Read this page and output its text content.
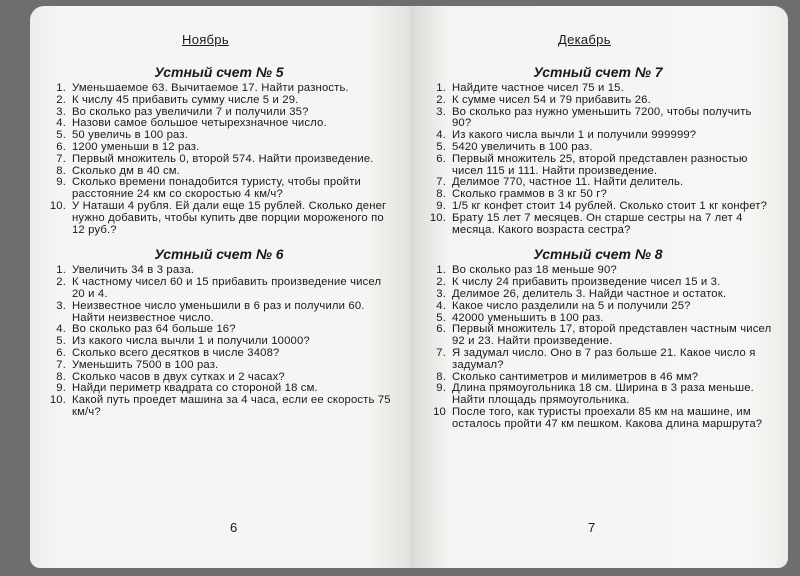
Ноябрь
Устный счет № 5
1. Уменьшаемое 63. Вычитаемое 17. Найти разность.
2. К числу 45 прибавить сумму числе 5 и 29.
3. Во сколько раз увеличили 7 и получили 35?
4. Назови самое большое четырехзначное число.
5. 50 увеличь в 100 раз.
6. 1200 уменьши в 12 раз.
7. Первый множитель 0, второй 574. Найти произведение.
8. Сколько дм в 40 см.
9. Сколько времени понадобится туристу, чтобы пройти расстояние 24 км со скоростью 4 км/ч?
10. У Наташи 4 рубля. Ей дали еще 15 рублей. Сколько денег нужно добавить, чтобы купить две порции мороженого по 12 руб.?
Устный счет № 6
1. Увеличить 34 в 3 раза.
2. К частному чисел 60 и 15 прибавить произведение чисел 20 и 4.
3. Неизвестное число уменьшили в 6 раз и получили 60. Найти неизвестное число.
4. Во сколько раз 64 больше 16?
5. Из какого числа вычли 1 и получили 10000?
6. Сколько всего десятков в числе 3408?
7. Уменьшить 7500 в 100 раз.
8. Сколько часов в двух сутках и 2 часах?
9. Найди периметр квадрата со стороной 18 см.
10. Какой путь проедет машина за 4 часа, если ее скорость 75 км/ч?
6
Декабрь
Устный счет № 7
1. Найдите частное чисел 75 и 15.
2. К сумме чисел 54 и 79 прибавить 26.
3. Во сколько раз нужно уменьшить 7200, чтобы получить 90?
4. Из какого числа вычли 1 и получили 999999?
5. 5420 увеличить в 100 раз.
6. Первый множитель 25, второй представлен разностью чисел 115 и 111. Найти произведение.
7. Делимое 770, частное 11. Найти делитель.
8. Сколько граммов в 3 кг 50 г?
9. 1/5 кг конфет стоит 14 рублей. Сколько стоит 1 кг конфет?
10. Брату 15 лет 7 месяцев. Он старше сестры на 7 лет 4 месяца. Какого возраста сестра?
Устный счет № 8
1. Во сколько раз 18 меньше 90?
2. К числу 24 прибавить произведение чисел 15 и 3.
3. Делимое 26, делитель 3. Найди частное и остаток.
4. Какое число разделили на 5 и получили 25?
5. 42000 уменьшить в 100 раз.
6. Первый множитель 17, второй представлен частным чисел 92 и 23. Найти произведение.
7. Я задумал число. Оно в 7 раз больше 21. Какое число я задумал?
8. Сколько сантиметров и милиметров в 46 мм?
9. Длина прямоугольника 18 см. Ширина в 3 раза меньше. Найти площадь прямоугольника.
10 После того, как туристы проехали 85 км на машине, им осталось пройти 47 км пешком. Какова длина маршрута?
7
